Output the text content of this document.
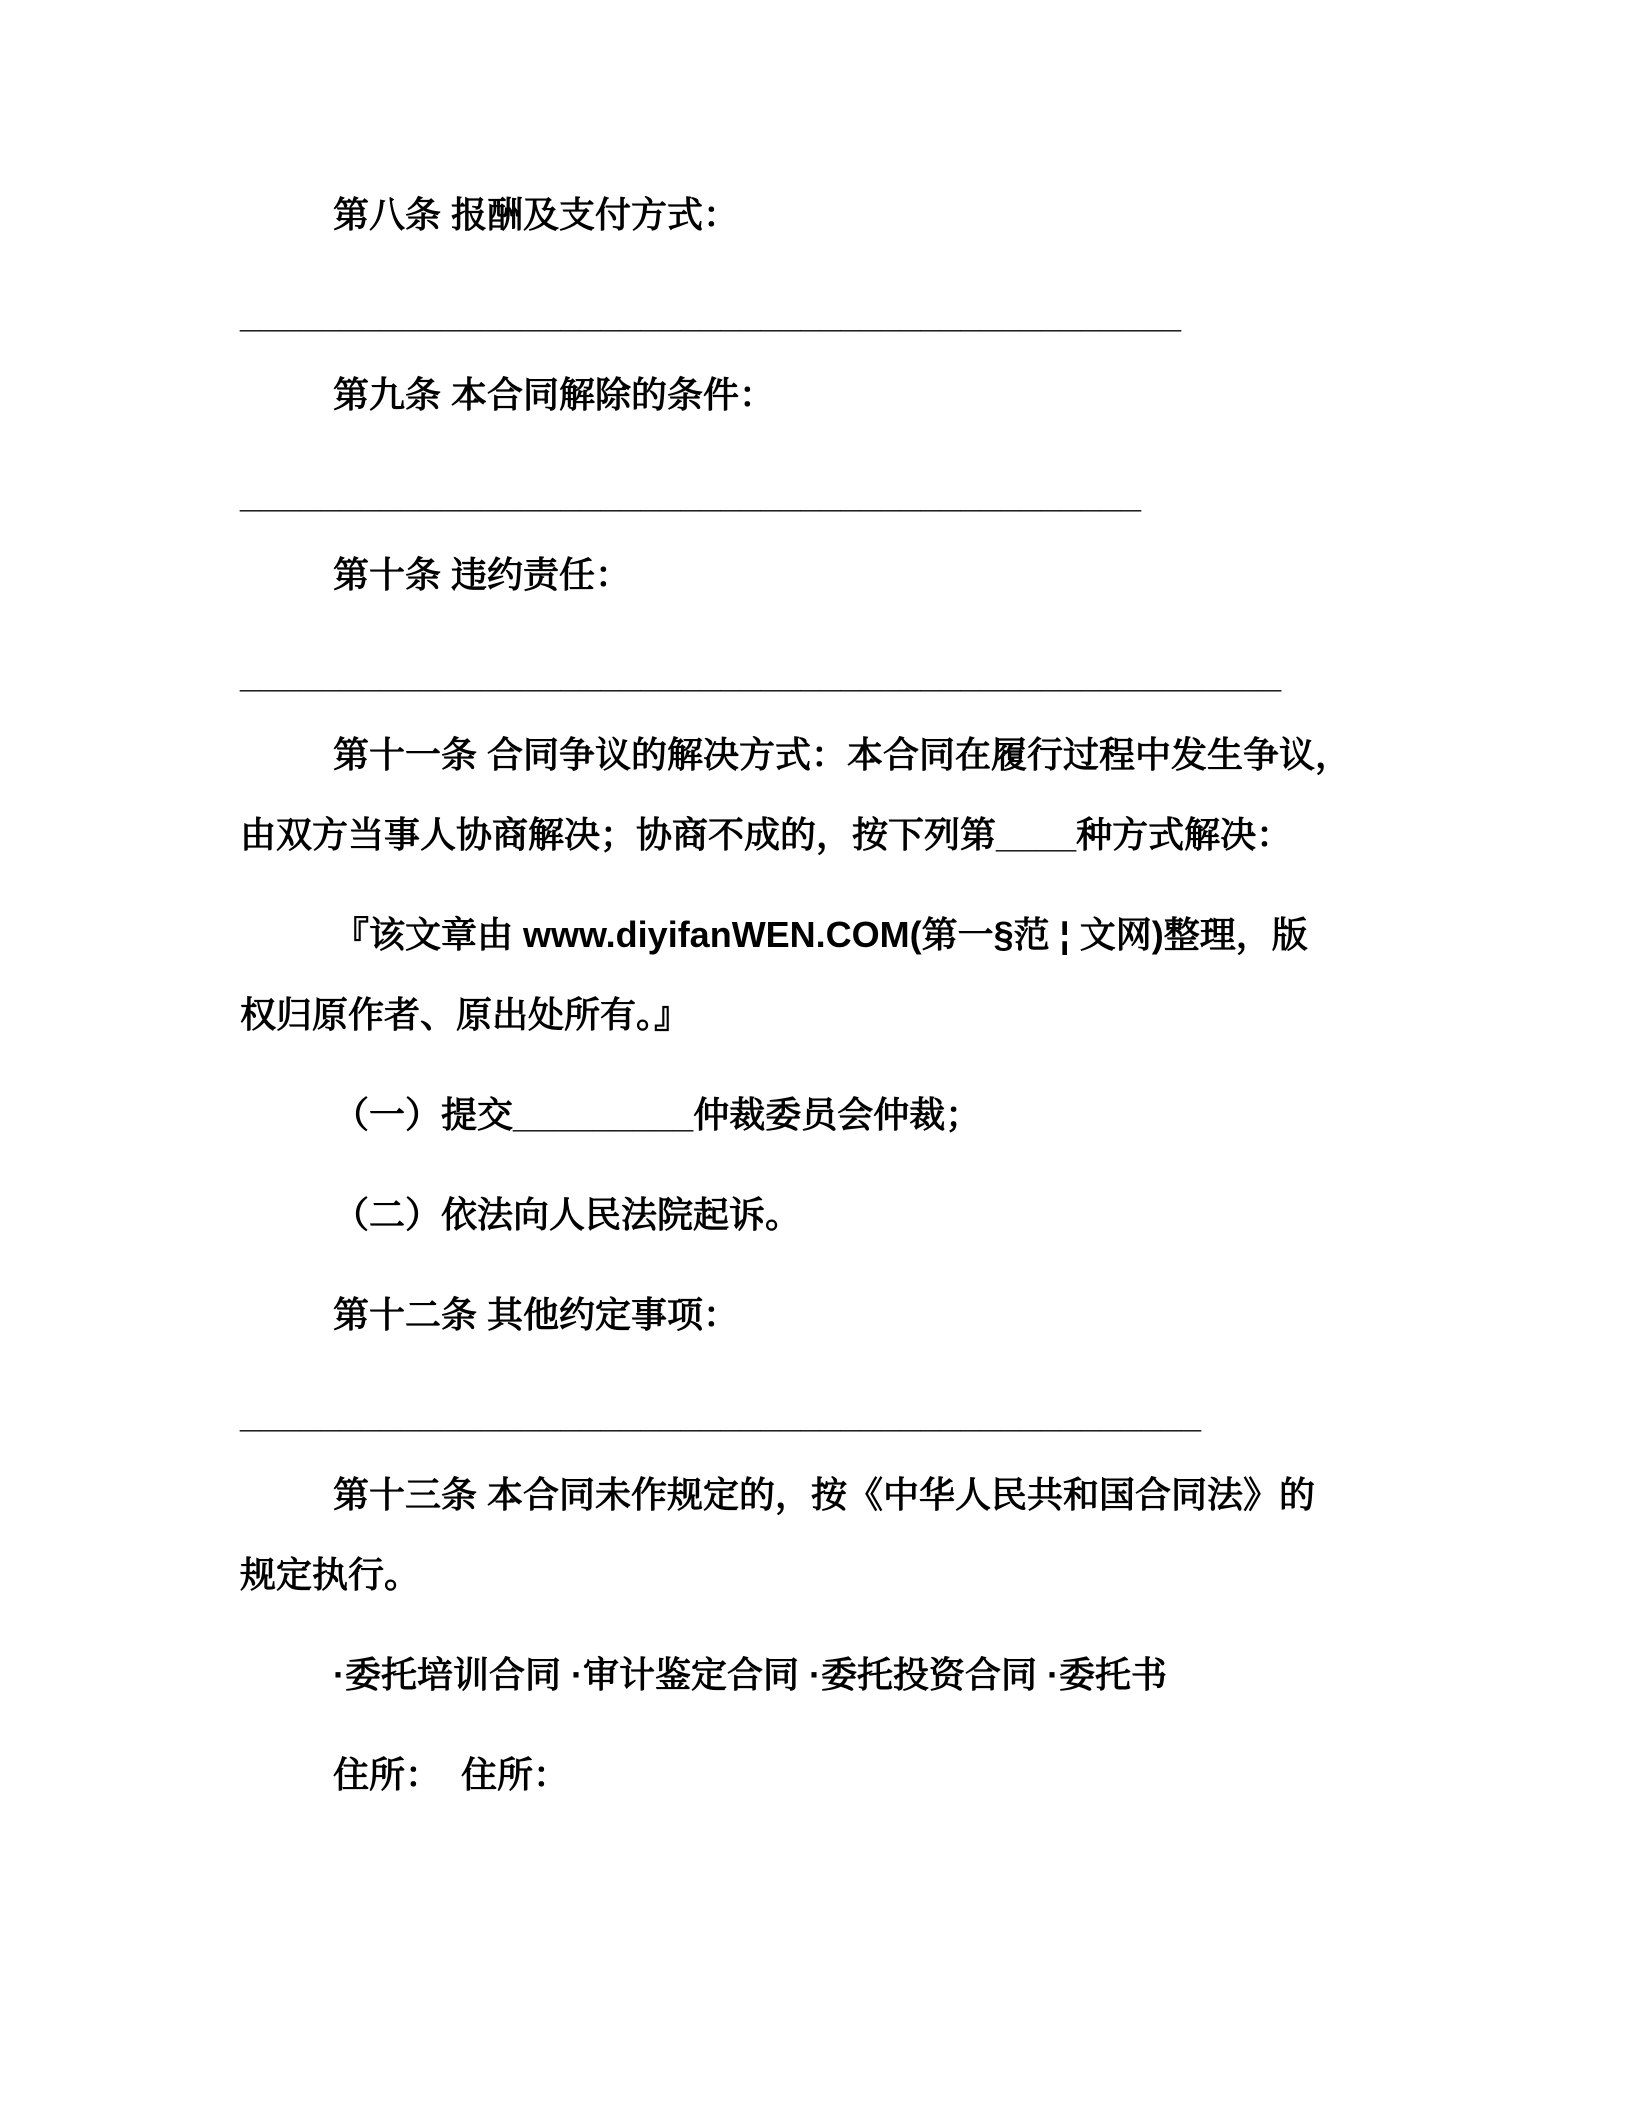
第八条 报酬及支付方式：
_______________________________________________
第九条 本合同解除的条件：
_____________________________________________
第十条 违约责任：
____________________________________________________
第十一条 合同争议的解决方式：本合同在履行过程中发生争议，
由双方当事人协商解决；协商不成的，按下列第____种方式解决：
『该文章由 www.diyifanWEN.COM(第一§范 ¦ 文网)整理，版
权归原作者、原出处所有。』
（一）提交_________仲裁委员会仲裁；
（二）依法向人民法院起诉。
第十二条 其他约定事项：
________________________________________________
第十三条 本合同未作规定的，按《中华人民共和国合同法》的
规定执行。
·委托培训合同 ·审计鉴定合同 ·委托投资合同 ·委托书
住所：  住所：
